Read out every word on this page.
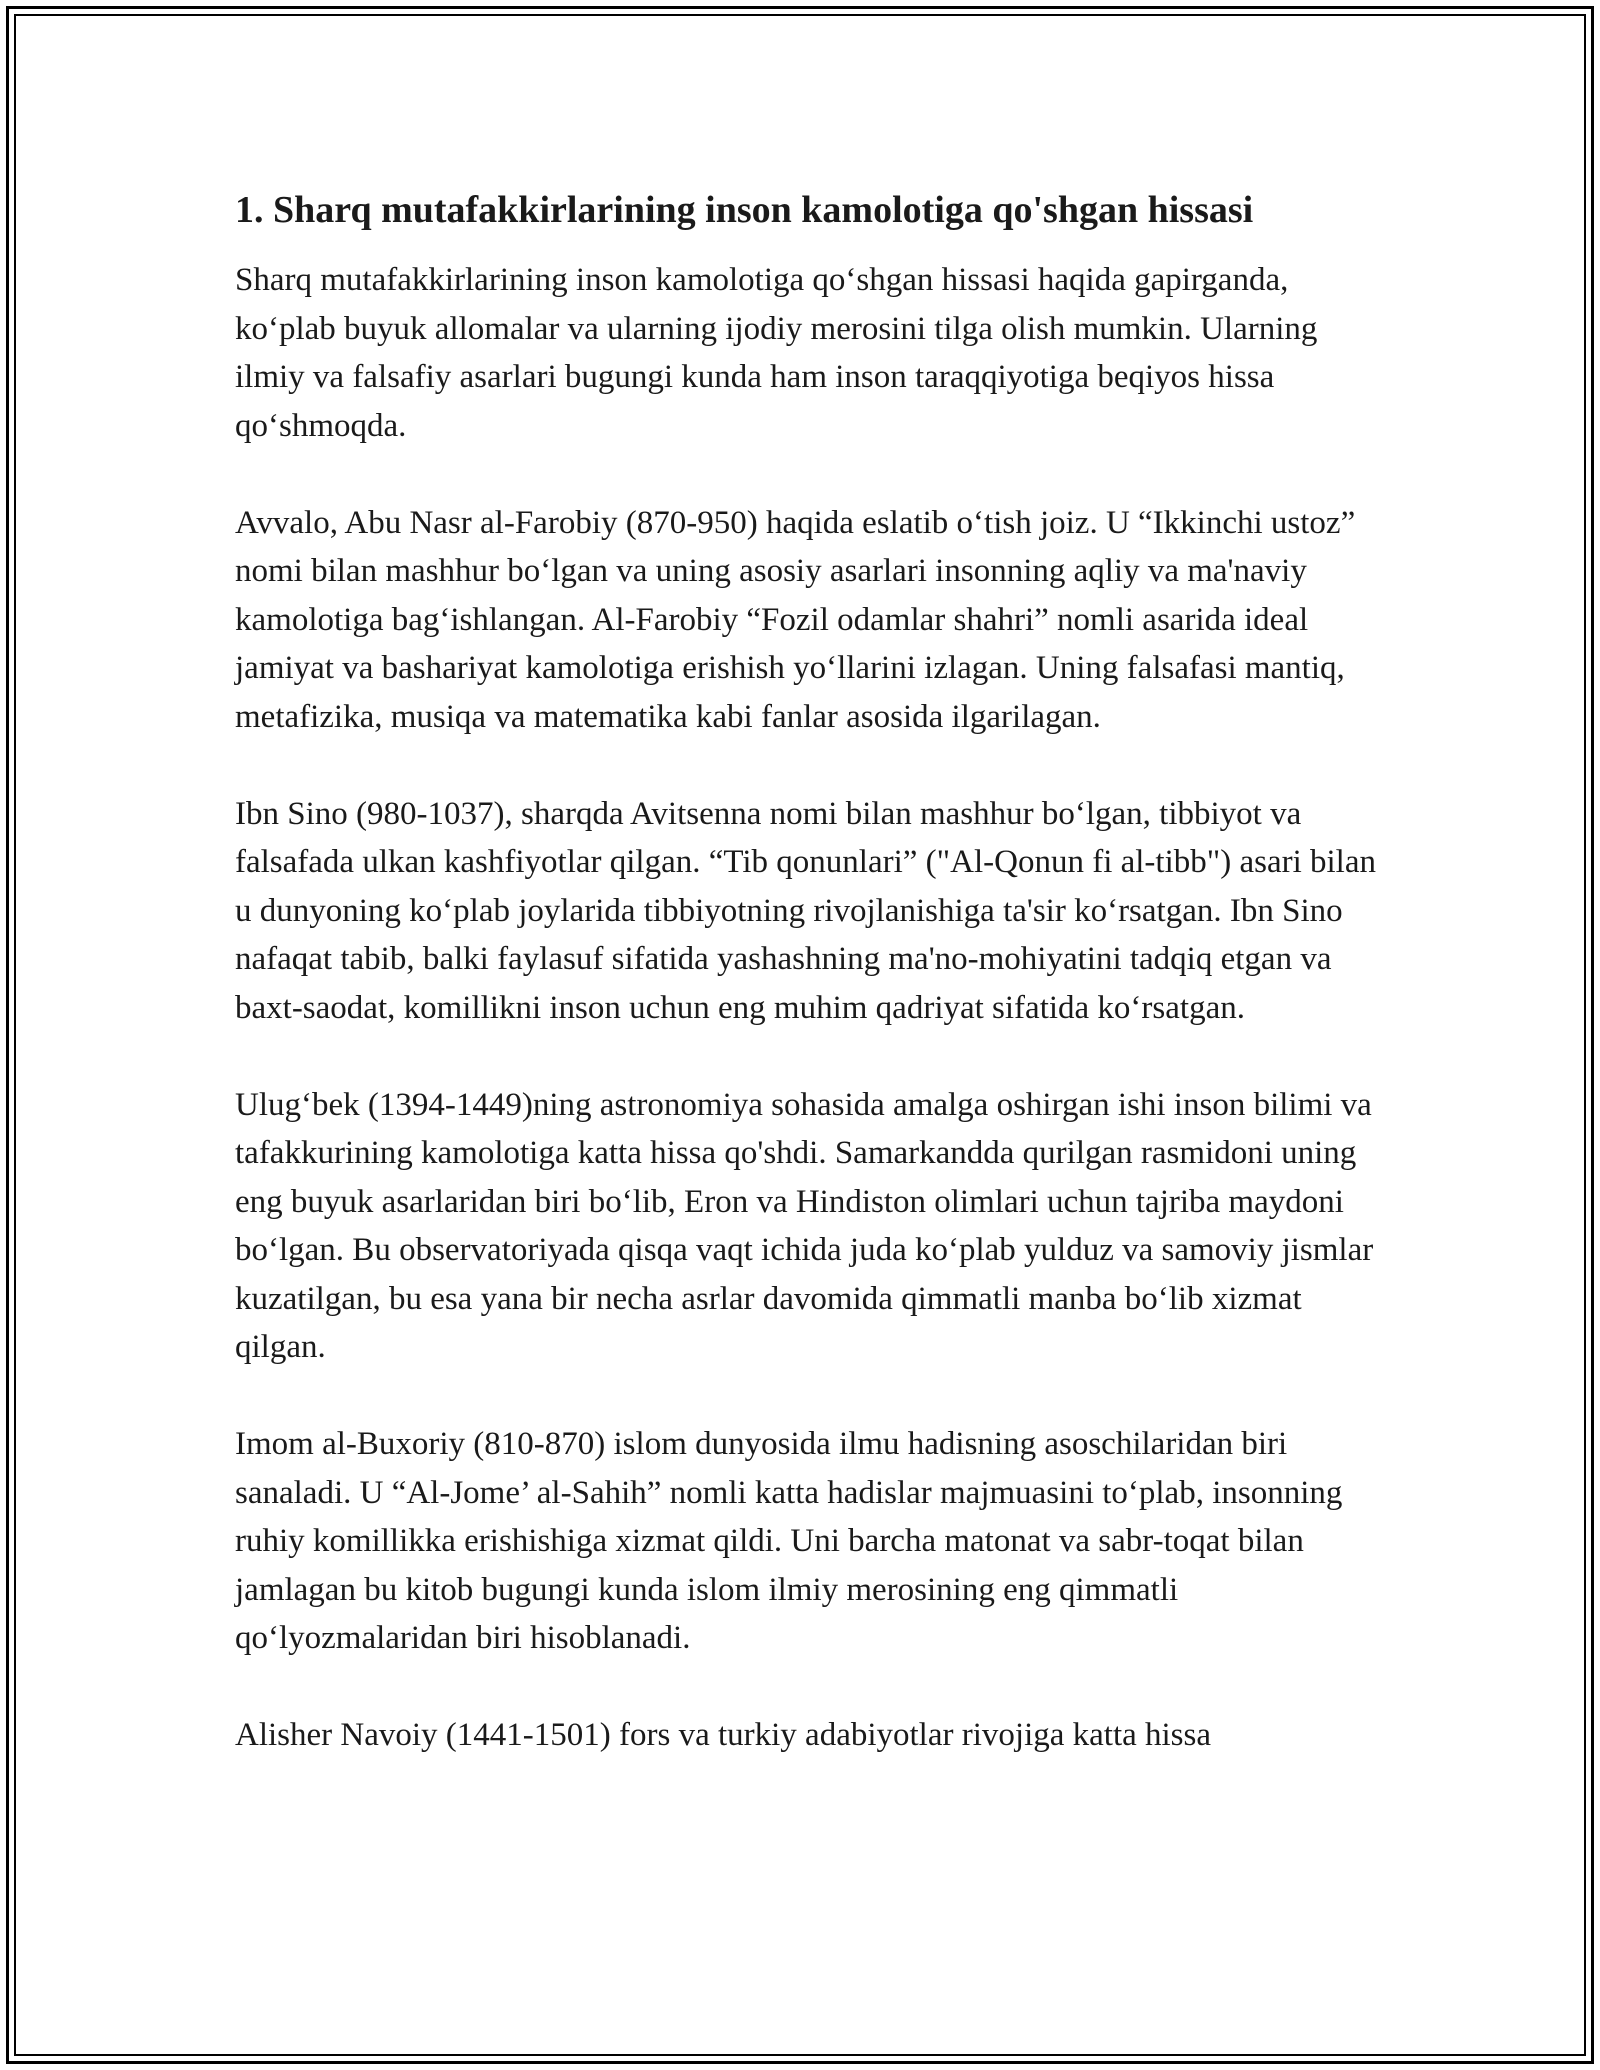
1. Sharq mutafakkirlarining inson kamolotiga qo'shgan hissasi

Sharq mutafakkirlarining inson kamolotiga qo‘shgan hissasi haqida gapirganda, ko‘plab buyuk allomalar va ularning ijodiy merosini tilga olish mumkin. Ularning ilmiy va falsafiy asarlari bugungi kunda ham inson taraqqiyotiga beqiyos hissa qo‘shmoqda.

Avvalo, Abu Nasr al-Farobiy (870-950) haqida eslatib o‘tish joiz. U “Ikkinchi ustoz” nomi bilan mashhur bo‘lgan va uning asosiy asarlari insonning aqliy va ma'naviy kamolotiga bag‘ishlangan. Al-Farobiy “Fozil odamlar shahri” nomli asarida ideal jamiyat va bashariyat kamolotiga erishish yo‘llarini izlagan. Uning falsafasi mantiq, metafizika, musiqa va matematika kabi fanlar asosida ilgarilagan.

Ibn Sino (980-1037), sharqda Avitsenna nomi bilan mashhur bo‘lgan, tibbiyot va falsafada ulkan kashfiyotlar qilgan. “Tib qonunlari” ("Al-Qonun fi al-tibb") asari bilan u dunyoning ko‘plab joylarida tibbiyotning rivojlanishiga ta'sir ko‘rsatgan. Ibn Sino nafaqat tabib, balki faylasuf sifatida yashashning ma'no-mohiyatini tadqiq etgan va baxt-saodat, komillikni inson uchun eng muhim qadriyat sifatida ko‘rsatgan.

Ulug‘bek (1394-1449)ning astronomiya sohasida amalga oshirgan ishi inson bilimi va tafakkurining kamolotiga katta hissa qo'shdi. Samarkandda qurilgan rasmidoni uning eng buyuk asarlaridan biri bo‘lib, Eron va Hindiston olimlari uchun tajriba maydoni bo‘lgan. Bu observatoriyada qisqa vaqt ichida juda ko‘plab yulduz va samoviy jismlar kuzatilgan, bu esa yana bir necha asrlar davomida qimmatli manba bo‘lib xizmat qilgan.

Imom al-Buxoriy (810-870) islom dunyosida ilmu hadisning asoschilaridan biri sanaladi. U “Al-Jome’ al-Sahih” nomli katta hadislar majmuasini to‘plab, insonning ruhiy komillikka erishishiga xizmat qildi. Uni barcha matonat va sabr-toqat bilan jamlagan bu kitob bugungi kunda islom ilmiy merosining eng qimmatli qo‘lyozmalaridan biri hisoblanadi.

Alisher Navoiy (1441-1501) fors va turkiy adabiyotlar rivojiga katta hissa
